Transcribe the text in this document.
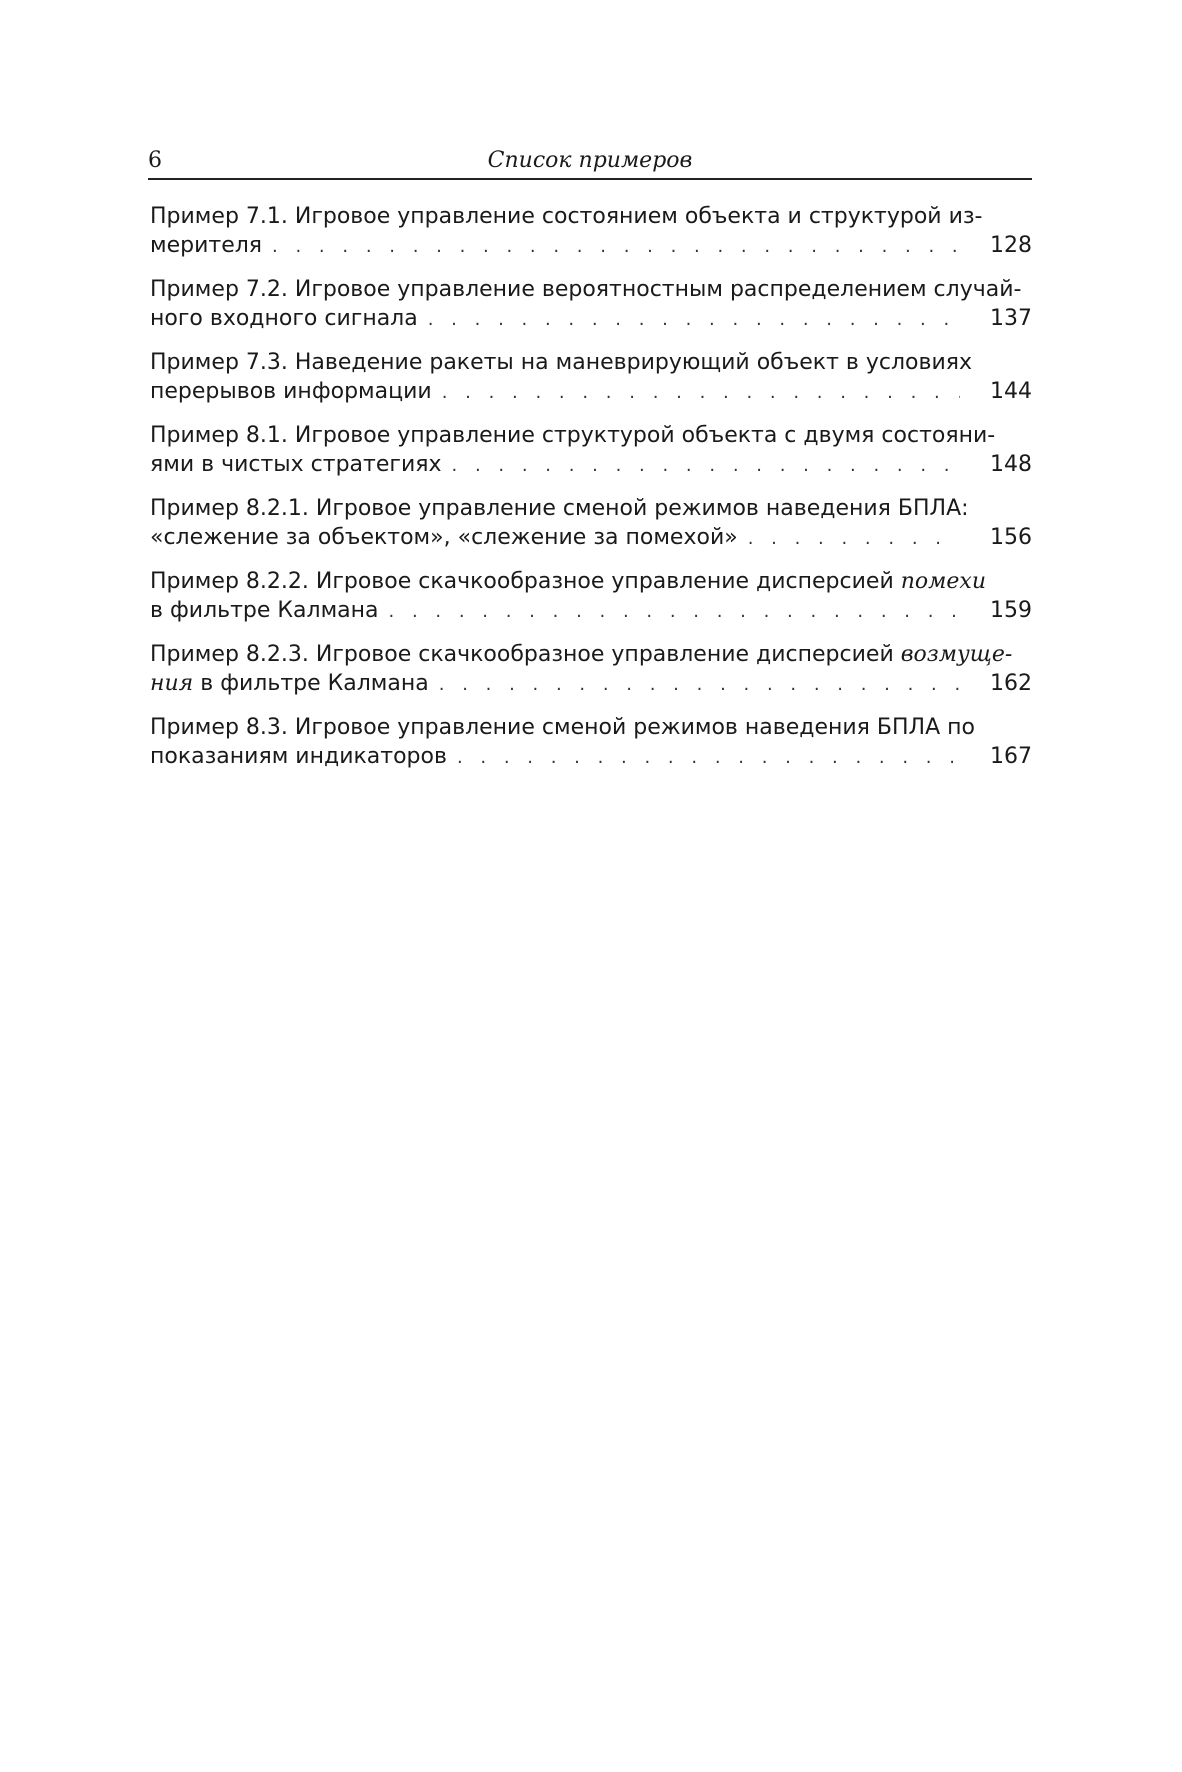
6	Список примеров
Пример 7.1. Игровое управление состоянием объекта и структурой из-
мерителя . . .	128
Пример 7.2. Игровое управление вероятностным распределением случай-
ного входного сигнала . . .	137
Пример 7.3. Наведение ракеты на маневрирующий объект в условиях
перерывов информации . . .	144
Пример 8.1. Игровое управление структурой объекта с двумя состояни-
ями в чистых стратегиях . . .	148
Пример 8.2.1. Игровое управление сменой режимов наведения БПЛА:
«слежение за объектом», «слежение за помехой» . . .	156
Пример 8.2.2. Игровое скачкообразное управление дисперсией помехи
в фильтре Калмана . . .	159
Пример 8.2.3. Игровое скачкообразное управление дисперсией возмуще-
ния в фильтре Калмана . . .	162
Пример 8.3. Игровое управление сменой режимов наведения БПЛА по
показаниям индикаторов . . .	167
